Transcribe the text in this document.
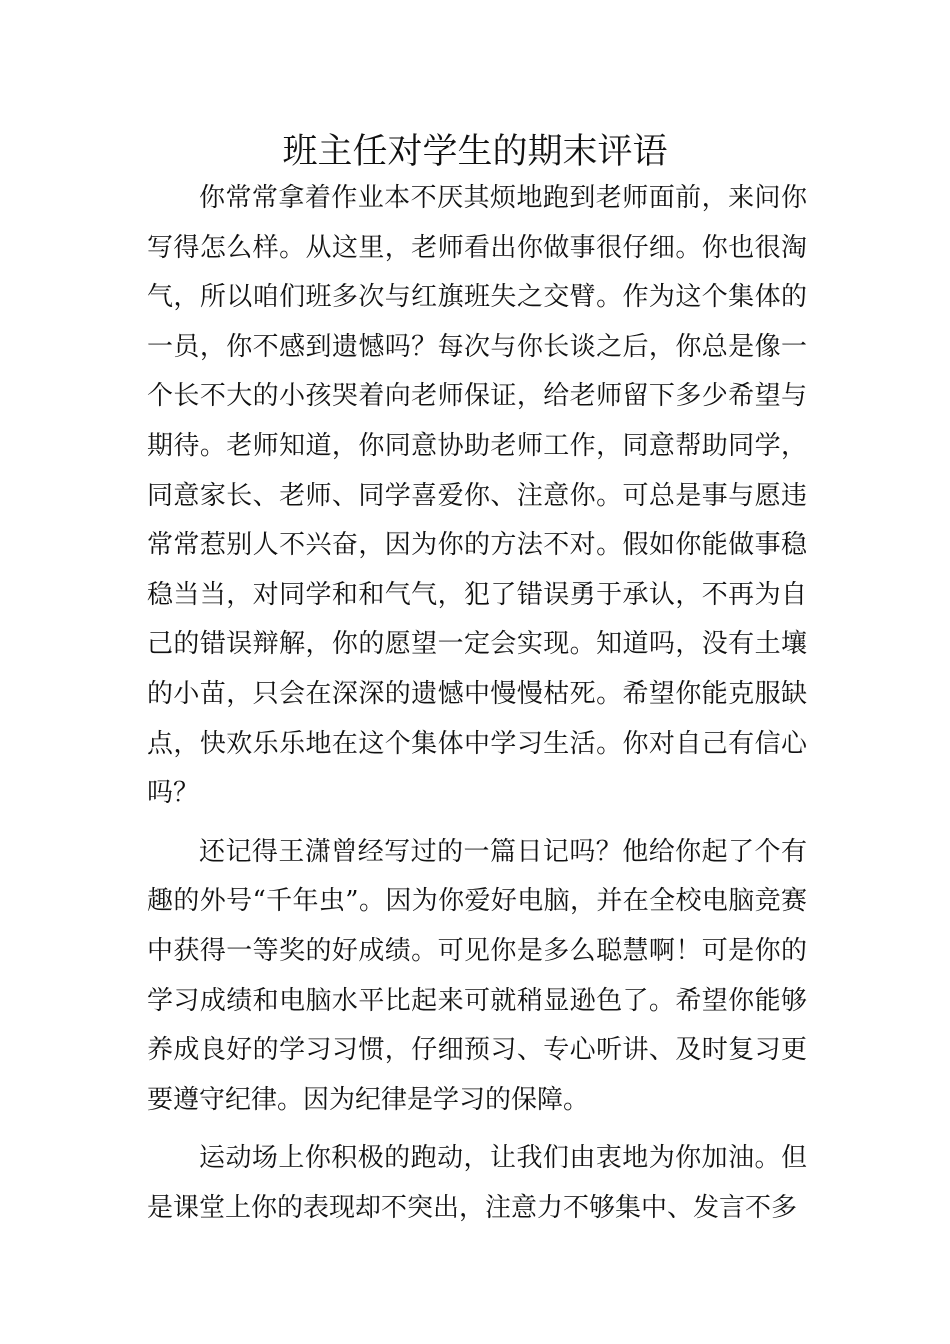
班主任对学生的期末评语

你常常拿着作业本不厌其烦地跑到老师面前，来问你写得怎么样。从这里，老师看出你做事很仔细。你也很淘气，所以咱们班多次与红旗班失之交臂。作为这个集体的一员，你不感到遗憾吗？每次与你长谈之后，你总是像一个长不大的小孩哭着向老师保证，给老师留下多少希望与期待。老师知道，你同意协助老师工作，同意帮助同学，同意家长、老师、同学喜爱你、注意你。可总是事与愿违常常惹别人不兴奋，因为你的方法不对。假如你能做事稳稳当当，对同学和和气气，犯了错误勇于承认，不再为自己的错误辩解，你的愿望一定会实现。知道吗，没有土壤的小苗，只会在深深的遗憾中慢慢枯死。希望你能克服缺点，快欢乐乐地在这个集体中学习生活。你对自己有信心吗？

还记得王潇曾经写过的一篇日记吗？他给你起了个有趣的外号“千年虫”。因为你爱好电脑，并在全校电脑竞赛中获得一等奖的好成绩。可见你是多么聪慧啊！可是你的学习成绩和电脑水平比起来可就稍显逊色了。希望你能够养成良好的学习习惯，仔细预习、专心听讲、及时复习更要遵守纪律。因为纪律是学习的保障。

运动场上你积极的跑动，让我们由衷地为你加油。但是课堂上你的表现却不突出，注意力不够集中、发言不多
